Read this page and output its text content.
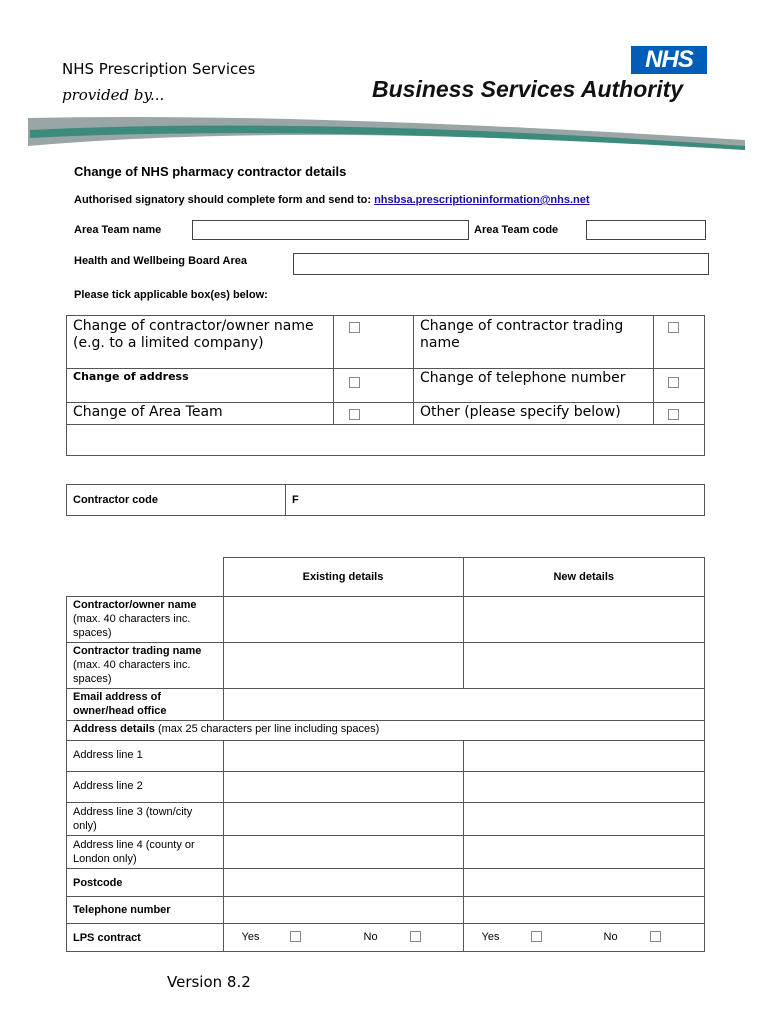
NHS Prescription Services
provided by...
NHS
Business Services Authority
Change of NHS pharmacy contractor details
Authorised signatory should complete form and send to: nhsbsa.prescriptioninformation@nhs.net
Area Team name	Area Team code
Health and Wellbeing Board Area
Please tick applicable box(es) below:
Change of contractor/owner name (e.g. to a limited company)		Change of contractor trading name	
Change of address		Change of telephone number	
Change of Area Team		Other (please specify below)	

Contractor code	F
	Existing details	New details
Contractor/owner name (max. 40 characters inc. spaces)		
Contractor trading name (max. 40 characters inc. spaces)		
Email address of owner/head office		
Address details (max 25 characters per line including spaces)		
Address line 1		
Address line 2		
Address line 3 (town/city only)		
Address line 4 (county or London only)		
Postcode		
Telephone number		
LPS contract	Yes No	Yes No
Version 8.2
